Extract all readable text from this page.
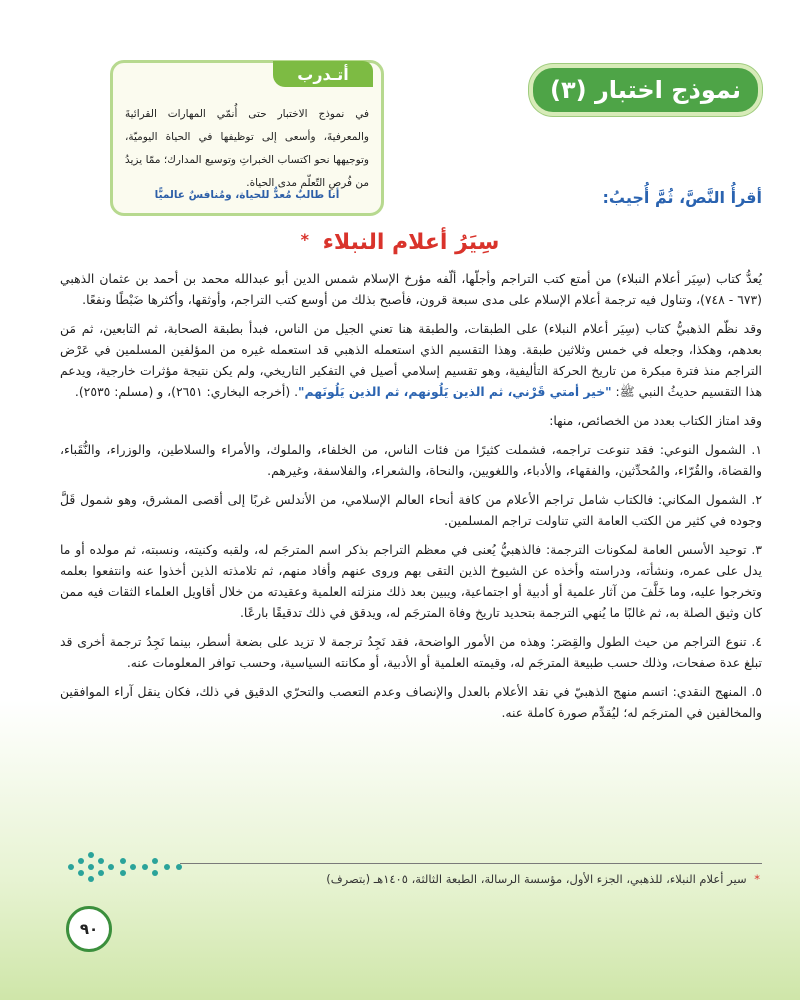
نموذج اختبار (٣)
أتـدرب
في نموذج الاختبار حتى أُنمّي المهارات القرائيةَ والمعرفيةَ، وأسعى إلى توظيفها في الحياة اليوميّة، وتوجيهها نحو اكتساب الخبراتِ وتوسيع المدارك؛ ممّا يزيدُ من فُرصِ التّعلّم مدى الحياة.
أنا طالبٌ مُعدٌّ للحياة، ومُنافسٌ عالميًّا	أقرأُ النَّصَّ، ثُمَّ أُجيبُ:
سِيَرُ أعلام النبلاء *

يُعدُّ كتاب (سِيَر أعلام النبلاء) من أمتع كتب التراجم وأجلّها، ألّفه مؤرخ الإسلام شمس الدين أبو عبدالله محمد بن أحمد بن عثمان الذهبي (٦٧٣ - ٧٤٨)، وتناول فيه ترجمة أعلام الإسلام على مدى سبعة قرون، فأصبح بذلك من أوسع كتب التراجم، وأوثقها، وأكثرها ضَبْطًا ونفعًا.

وقد نظّم الذهبيُّ كتاب (سِيَر أعلام النبلاء) على الطبقات، والطبقة هنا تعني الجيل من الناس، فبدأ بطبقة الصحابة، ثم التابعين، ثم مَن بعدهم، وهكذا، وجعله في خمس وثلاثين طبقة. وهذا التقسيم الذي استعمله الذهبي قد استعمله غيره من المؤلفين المسلمين في عَرْض التراجم منذ فترة مبكرة من تاريخ الحركة التأليفية، وهو تقسيم إسلامي أصيل في التفكير التاريخي، ولم يكن نتيجة مؤثرات خارجية، ويدعم هذا التقسيم حديثُ النبي ﷺ: "خير أمتي قَرْني، ثم الذين يَلُونهم، ثم الذين يَلُونَهم". (أخرجه البخاري: ٢٦٥١)، و (مسلم: ٢٥٣٥).

وقد امتاز الكتاب بعدد من الخصائص، منها:

١. الشمول النوعي: فقد تنوعت تراجمه، فشملت كثيرًا من فئات الناس، من الخلفاء، والملوك، والأمراء والسلاطين، والوزراء، والنُّقَباء، والقضاة، والقُرّاء، والمُحدِّثين، والفقهاء، والأدباء، واللغويين، والنحاة، والشعراء، والفلاسفة، وغيرهم.

٢. الشمول المكاني: فالكتاب شامل تراجم الأعلام من كافة أنحاء العالم الإسلامي، من الأندلس غربًا إلى أقصى المشرق، وهو شمول قَلَّ وجوده في كثير من الكتب العامة التي تناولت تراجم المسلمين.

٣. توحيد الأسس العامة لمكونات الترجمة: فالذهبيُّ يُعنى في معظم التراجم بذكر اسم المترجَم له، ولقبه وكنيته، ونسبته، ثم مولده أو ما يدل على عمره، ونشأته، ودراسته وأخذه عن الشيوخ الذين التقى بهم وروى عنهم وأفاد منهم، ثم تلامذته الذين أخذوا عنه وانتفعوا بعلمه وتخرجوا عليه، وما خَلَّفَ من آثار علمية أو أدبية أو اجتماعية، ويبين بعد ذلك منزلته العلمية وعقيدته من خلال أقاويل العلماء الثقات فيه ممن كان وثيق الصلة به، ثم غالبًا ما يُنهي الترجمة بتحديد تاريخ وفاة المترجَم له، ويدقق في ذلك تدقيقًا بارعًا.

٤. تنوع التراجم من حيث الطول والقِصَر: وهذه من الأمور الواضحة، فقد نَجِدُ ترجمة لا تزيد على بضعة أسطر، بينما نَجِدُ ترجمة أخرى قد تبلغ عدة صفحات، وذلك حسب طبيعة المترجَم له، وقيمته العلمية أو الأدبية، أو مكانته السياسية، وحسب توافر المعلومات عنه.

٥. المنهج النقدي: اتسم منهج الذهبيّ في نقد الأعلام بالعدل والإنصاف وعدم التعصب والتحرّي الدقيق في ذلك، فكان ينقل آراء الموافقين والمخالفين في المترجَم له؛ ليُقدِّم صورة كاملة عنه.

* سير أعلام النبلاء، للذهبي، الجزء الأول، مؤسسة الرسالة، الطبعة الثالثة، ١٤٠٥هـ (بتصرف)
٩٠
